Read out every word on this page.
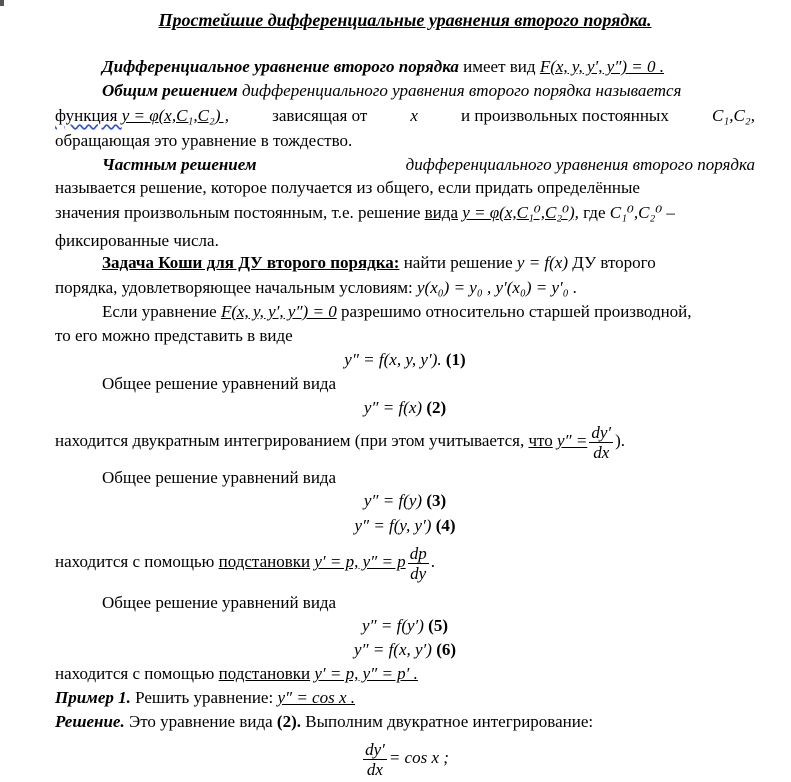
Простейшие дифференциальные уравнения второго порядка.
Дифференциальное уравнение второго порядка имеет вид F(x, y, y′, y″) = 0 .
Общим решением дифференциального уравнения второго порядка называется
функция y = φ(x,C₁,C₂) ,	зависящая от	x	и произвольных постоянных	C₁,C₂,
обращающая это уравнение в тождество.
Частным решением	дифференциального уравнения второго порядка
называется решение, которое получается из общего, если придать определённые
значения произвольным постоянным, т.е. решение вида y = φ(x,C₁⁰,C₂⁰), где C₁⁰,C₂⁰ –
фиксированные числа.
Задача Коши для ДУ второго порядка: найти решение y = f(x) ДУ второго
порядка, удовлетворяющее начальным условиям: y(x₀) = y₀ , y′(x₀) = y′₀ .
Если уравнение F(x, y, y′, y″) = 0 разрешимо относительно старшей производной,
то его можно представить в виде
y″ = f(x, y, y′). (1)
Общее решение уравнений вида
y″ = f(x) (2)
находится двукратным интегрированием (при этом учитывается, что $y'' = \frac{dy'}{dx}$ ).
Общее решение уравнений вида
y″ = f(y) (3)
y″ = f(y, y′) (4)
находится с помощью подстановки y′ = p, y″ = p $\frac{dp}{dy}$ .
Общее решение уравнений вида
y″ = f(y′) (5)
y″ = f(x, y′) (6)
находится с помощью подстановки y′ = p, y″ = p′ .
Пример 1. Решить уравнение: y″ = cos x .
Решение. Это уравнение вида (2). Выполним двукратное интегрирование:
$\frac{dy'}{dx} = \cos x$ ;
